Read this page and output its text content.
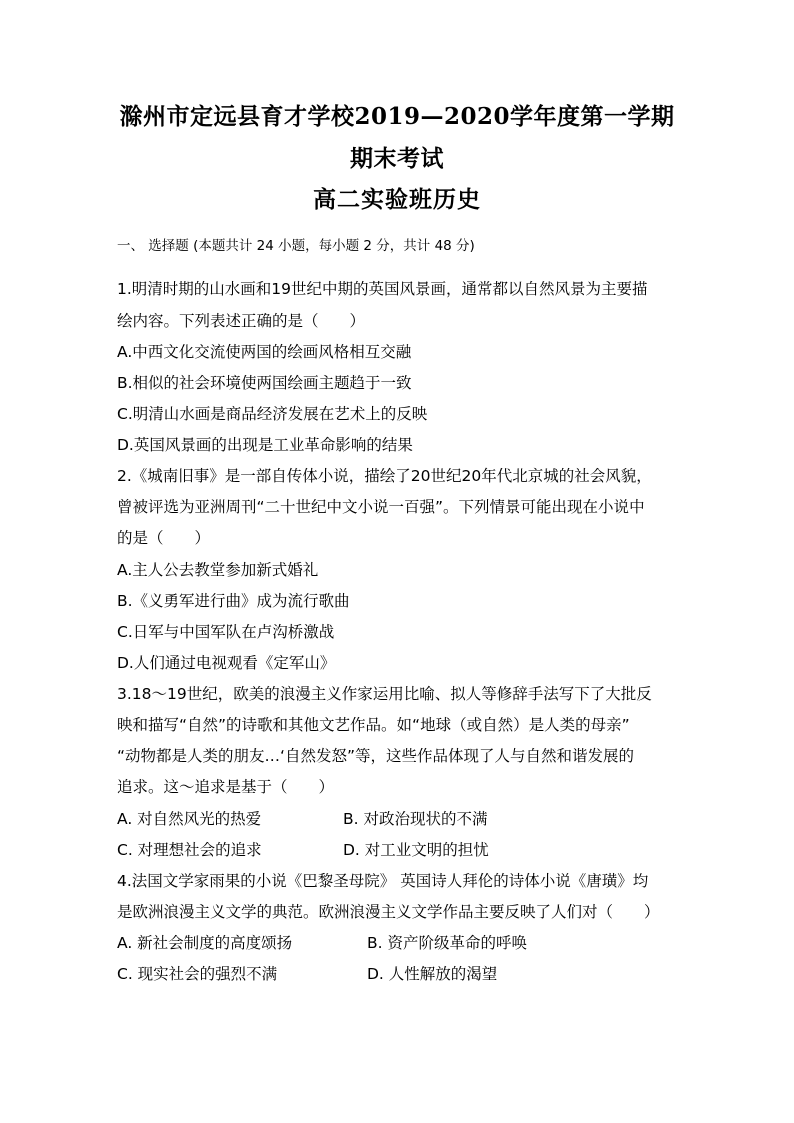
滁州市定远县育才学校2019—2020学年度第一学期
期末考试
高二实验班历史
一、 选择题 (本题共计 24 小题，每小题 2 分，共计 48 分)
1.明清时期的山水画和19世纪中期的英国风景画，通常都以自然风景为主要描
绘内容。下列表述正确的是（　　）
A.中西文化交流使两国的绘画风格相互交融
B.相似的社会环境使两国绘画主题趋于一致
C.明清山水画是商品经济发展在艺术上的反映
D.英国风景画的出现是工业革命影响的结果
2.《城南旧事》是一部自传体小说，描绘了20世纪20年代北京城的社会风貌，
曾被评选为亚洲周刊“二十世纪中文小说一百强”。下列情景可能出现在小说中
的是（　　）
A.主人公去教堂参加新式婚礼
B.《义勇军进行曲》成为流行歌曲
C.日军与中国军队在卢沟桥激战
D.人们通过电视观看《定军山》
3.18～19世纪，欧美的浪漫主义作家运用比喻、拟人等修辞手法写下了大批反
映和描写“自然”的诗歌和其他文艺作品。如“地球（或自然）是人类的母亲”
“动物都是人类的朋友…‘自然发怒”等，这些作品体现了人与自然和谐发展的
追求。这～追求是基于（　　）
A. 对自然风光的热爱	B. 对政治现状的不满
C. 对理想社会的追求	D. 对工业文明的担忧
4.法国文学家雨果的小说《巴黎圣母院》 英国诗人拜伦的诗体小说《唐璜》均
是欧洲浪漫主义文学的典范。欧洲浪漫主义文学作品主要反映了人们对（　　）
A. 新社会制度的高度颂扬	B. 资产阶级革命的呼唤
C. 现实社会的强烈不满	D. 人性解放的渴望
